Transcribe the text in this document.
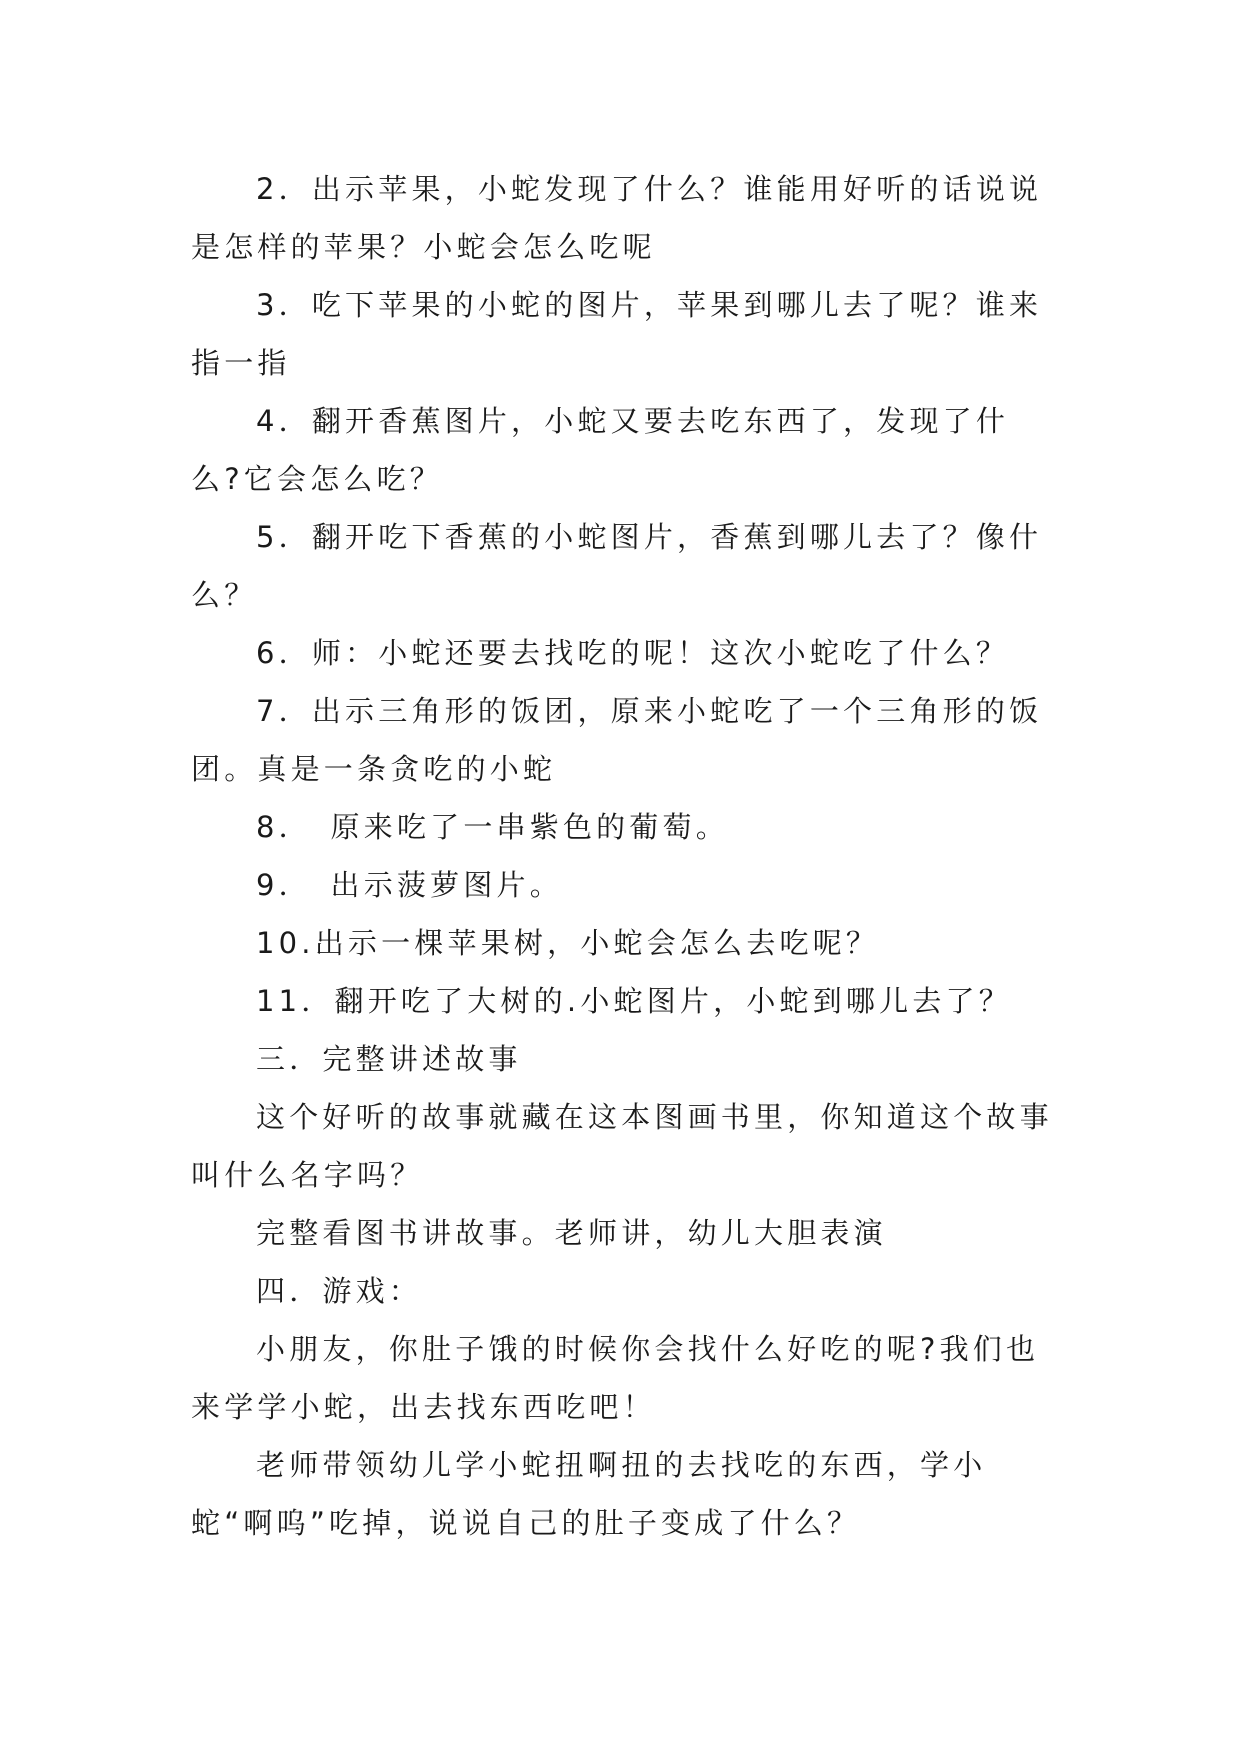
2．出示苹果，小蛇发现了什么？谁能用好听的话说说是怎样的苹果？小蛇会怎么吃呢

3．吃下苹果的小蛇的图片，苹果到哪儿去了呢？谁来指一指

4．翻开香蕉图片，小蛇又要去吃东西了，发现了什么?它会怎么吃？

5．翻开吃下香蕉的小蛇图片，香蕉到哪儿去了？像什么？

6．师：小蛇还要去找吃的呢！这次小蛇吃了什么？

7．出示三角形的饭团，原来小蛇吃了一个三角形的饭团。真是一条贪吃的小蛇

8．　原来吃了一串紫色的葡萄。

9．　出示菠萝图片。

10.出示一棵苹果树，小蛇会怎么去吃呢？

11．翻开吃了大树的.小蛇图片，小蛇到哪儿去了？

三．完整讲述故事

这个好听的故事就藏在这本图画书里，你知道这个故事叫什么名字吗？

完整看图书讲故事。老师讲，幼儿大胆表演

四．游戏：

小朋友，你肚子饿的时候你会找什么好吃的呢?我们也来学学小蛇，出去找东西吃吧！

老师带领幼儿学小蛇扭啊扭的去找吃的东西，学小蛇“啊呜”吃掉，说说自己的肚子变成了什么？
